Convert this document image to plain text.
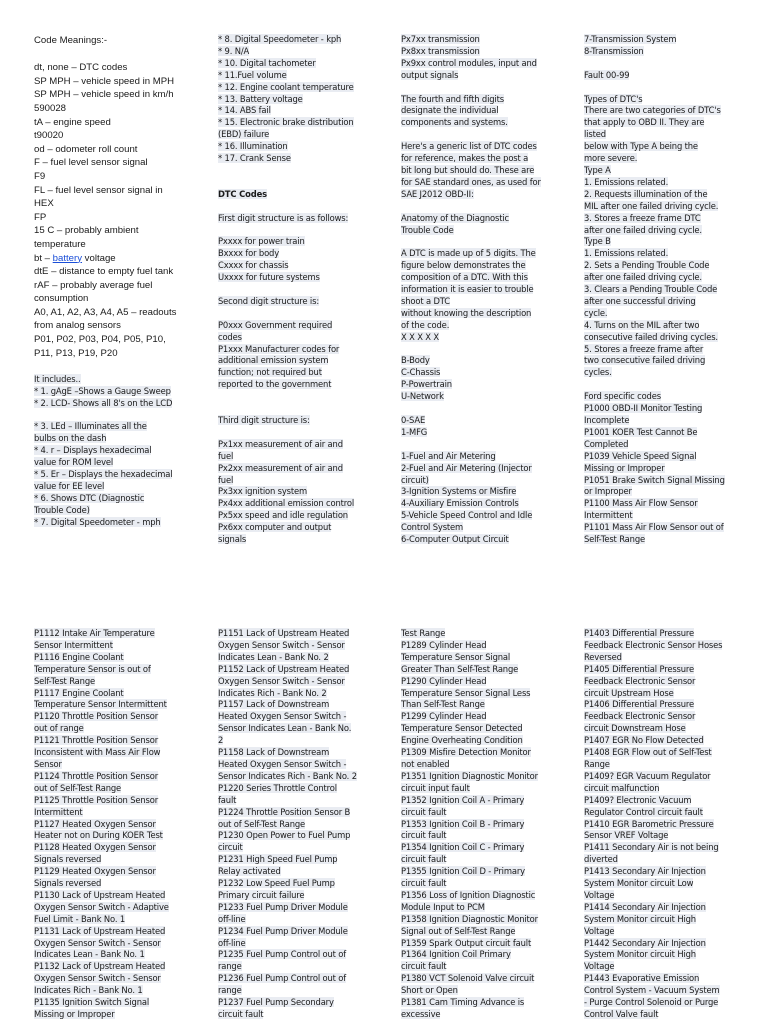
Code Meanings:-

dt, none – DTC codes
SP MPH – vehicle speed in MPH
SP MPH – vehicle speed in km/h
590028
tA – engine speed
t90020
od – odometer roll count
F – fuel level sensor signal
F9
FL – fuel level sensor signal in
HEX
FP
15 C – probably ambient
temperature
bt – battery voltage
dtE – distance to empty fuel tank
rAF – probably average fuel
consumption
A0, A1, A2, A3, A4, A5 – readouts
from analog sensors
P01, P02, P03, P04, P05, P10,
P11, P13, P19, P20
It includes..
* 1. gAgE –Shows a Gauge Sweep
* 2. LCD- Shows all 8's on the LCD

* 3. LEd – Illuminates all the
bulbs on the dash
* 4. r – Displays hexadecimal
value for ROM level
* 5. Er – Displays the hexadecimal
value for EE level
* 6. Shows DTC (Diagnostic
Trouble Code)
* 7. Digital Speedometer - mph
* 8. Digital Speedometer - kph
* 9. N/A
* 10. Digital tachometer
* 11.Fuel volume
* 12. Engine coolant temperature
* 13. Battery voltage
* 14. ABS fail
* 15. Electronic brake distribution
(EBD) failure
* 16. Illumination
* 17. Crank Sense

DTC Codes

First digit structure is as follows:

Pxxxx for power train
Bxxxx for body
Cxxxx for chassis
Uxxxx for future systems

Second digit structure is:

P0xxx Government required
codes
P1xxx Manufacturer codes for
additional emission system
function; not required but
reported to the government

Third digit structure is:

Px1xx measurement of air and
fuel
Px2xx measurement of air and
fuel
Px3xx ignition system
Px4xx additional emission control
Px5xx speed and idle regulation
Px6xx computer and output
signals
Px7xx transmission
Px8xx transmission
Px9xx control modules, input and
output signals

The fourth and fifth digits
designate the individual
components and systems.

Here's a generic list of DTC codes
for reference, makes the post a
bit long but should do. These are
for SAE standard ones, as used for
SAE J2012 OBD-II:

Anatomy of the Diagnostic
Trouble Code

A DTC is made up of 5 digits. The
figure below demonstrates the
composition of a DTC. With this
information it is easier to trouble
shoot a DTC
without knowing the description
of the code.
X X X X X

B-Body
C-Chassis
P-Powertrain
U-Network

0-SAE
1-MFG

1-Fuel and Air Metering
2-Fuel and Air Metering (Injector
circuit)
3-Ignition Systems or Misfire
4-Auxiliary Emission Controls
5-Vehicle Speed Control and Idle
Control System
6-Computer Output Circuit
7-Transmission System
8-Transmission

Fault 00-99

Types of DTC's
There are two categories of DTC's
that apply to OBD II. They are
listed
below with Type A being the
more severe.
Type A
1. Emissions related.
2. Requests illumination of the
MIL after one failed driving cycle.
3. Stores a freeze frame DTC
after one failed driving cycle.
Type B
1. Emissions related.
2. Sets a Pending Trouble Code
after one failed driving cycle.
3. Clears a Pending Trouble Code
after one successful driving
cycle.
4. Turns on the MIL after two
consecutive failed driving cycles.
5. Stores a freeze frame after
two consecutive failed driving
cycles.

Ford specific codes
P1000 OBD-II Monitor Testing
Incomplete
P1001 KOER Test Cannot Be
Completed
P1039 Vehicle Speed Signal
Missing or Improper
P1051 Brake Switch Signal Missing
or Improper
P1100 Mass Air Flow Sensor
Intermittent
P1101 Mass Air Flow Sensor out of
Self-Test Range
P1112 Intake Air Temperature
Sensor Intermittent
P1116 Engine Coolant
Temperature Sensor is out of
Self-Test Range
P1117 Engine Coolant
Temperature Sensor Intermittent
P1120 Throttle Position Sensor
out of range
P1121 Throttle Position Sensor
Inconsistent with Mass Air Flow
Sensor
P1124 Throttle Position Sensor
out of Self-Test Range
P1125 Throttle Position Sensor
Intermittent
P1127 Heated Oxygen Sensor
Heater not on During KOER Test
P1128 Heated Oxygen Sensor
Signals reversed
P1129 Heated Oxygen Sensor
Signals reversed
P1130 Lack of Upstream Heated
Oxygen Sensor Switch - Adaptive
Fuel Limit - Bank No. 1
P1131 Lack of Upstream Heated
Oxygen Sensor Switch - Sensor
Indicates Lean - Bank No. 1
P1132 Lack of Upstream Heated
Oxygen Sensor Switch - Sensor
Indicates Rich - Bank No. 1
P1135 Ignition Switch Signal
Missing or Improper
P1151 Lack of Upstream Heated
Oxygen Sensor Switch - Sensor
Indicates Lean - Bank No. 2
P1152 Lack of Upstream Heated
Oxygen Sensor Switch - Sensor
Indicates Rich - Bank No. 2
P1157 Lack of Downstream
Heated Oxygen Sensor Switch -
Sensor Indicates Lean - Bank No.
2
P1158 Lack of Downstream
Heated Oxygen Sensor Switch -
Sensor Indicates Rich - Bank No. 2
P1220 Series Throttle Control
fault
P1224 Throttle Position Sensor B
out of Self-Test Range
P1230 Open Power to Fuel Pump
circuit
P1231 High Speed Fuel Pump
Relay activated
P1232 Low Speed Fuel Pump
Primary circuit failure
P1233 Fuel Pump Driver Module
off-line
P1234 Fuel Pump Driver Module
off-line
P1235 Fuel Pump Control out of
range
P1236 Fuel Pump Control out of
range
P1237 Fuel Pump Secondary
circuit fault
Test Range
P1289 Cylinder Head
Temperature Sensor Signal
Greater Than Self-Test Range
P1290 Cylinder Head
Temperature Sensor Signal Less
Than Self-Test Range
P1299 Cylinder Head
Temperature Sensor Detected
Engine Overheating Condition
P1309 Misfire Detection Monitor
not enabled
P1351 Ignition Diagnostic Monitor
circuit input fault
P1352 Ignition Coil A - Primary
circuit fault
P1353 Ignition Coil B - Primary
circuit fault
P1354 Ignition Coil C - Primary
circuit fault
P1355 Ignition Coil D - Primary
circuit fault
P1356 Loss of Ignition Diagnostic
Module Input to PCM
P1358 Ignition Diagnostic Monitor
Signal out of Self-Test Range
P1359 Spark Output circuit fault
P1364 Ignition Coil Primary
circuit fault
P1380 VCT Solenoid Valve circuit
Short or Open
P1381 Cam Timing Advance is
excessive
P1403 Differential Pressure
Feedback Electronic Sensor Hoses
Reversed
P1405 Differential Pressure
Feedback Electronic Sensor
circuit Upstream Hose
P1406 Differential Pressure
Feedback Electronic Sensor
circuit Downstream Hose
P1407 EGR No Flow Detected
P1408 EGR Flow out of Self-Test
Range
P1409? EGR Vacuum Regulator
circuit malfunction
P1409? Electronic Vacuum
Regulator Control circuit fault
P1410 EGR Barometric Pressure
Sensor VREF Voltage
P1411 Secondary Air is not being
diverted
P1413 Secondary Air Injection
System Monitor circuit Low
Voltage
P1414 Secondary Air Injection
System Monitor circuit High
Voltage
P1442 Secondary Air Injection
System Monitor circuit High
Voltage
P1443 Evaporative Emission
Control System - Vacuum System
- Purge Control Solenoid or Purge
Control Valve fault
